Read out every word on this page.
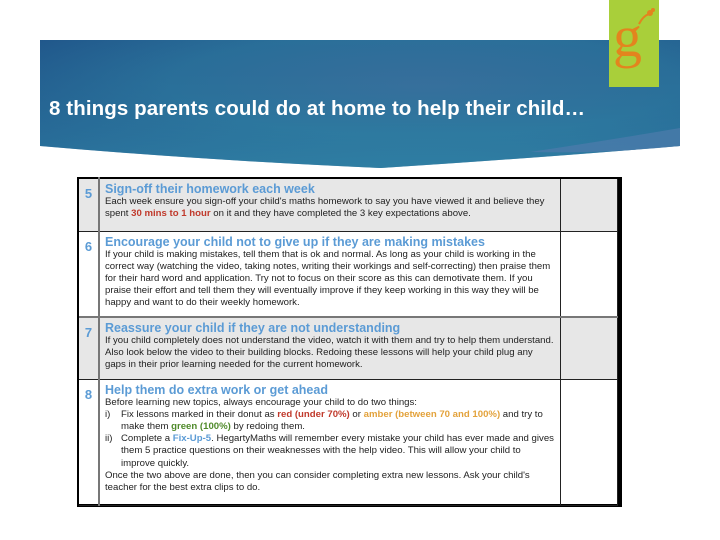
8 things parents could do at home to help their child…
g
5	Sign-off their homework each week
Each week ensure you sign-off your child's maths homework to say you have viewed it and believe they spent 30 mins to 1 hour on it and they have completed the 3 key expectations above.	

6	Encourage your child not to give up if they are making mistakes
If your child is making mistakes, tell them that is ok and normal. As long as your child is working in the correct way (watching the video, taking notes, writing their workings and self-correcting) then praise them for their hard word and application. Try not to focus on their score as this can demotivate them. If you praise their effort and tell them they will eventually improve if they keep working in this way they will be happy and want to do their weekly homework.	

7	Reassure your child if they are not understanding
If you child completely does not understand the video, watch it with them and try to help them understand. Also look below the video to their building blocks. Redoing these lessons will help your child plug any gaps in their prior learning needed for the current homework.	

8	Help them do extra work or get ahead
Before learning new topics, always encourage your child to do two things:
i)	Fix lessons marked in their donut as red (under 70%) or amber (between 70 and 100%) and try to make them green (100%) by redoing them.
ii) Complete a Fix-Up-5. HegartyMaths will remember every mistake your child has ever made and gives them 5 practice questions on their weaknesses with the help video. This will allow your child to improve quickly.
Once the two above are done, then you can consider completing extra new lessons. Ask your child's teacher for the best extra clips to do.
